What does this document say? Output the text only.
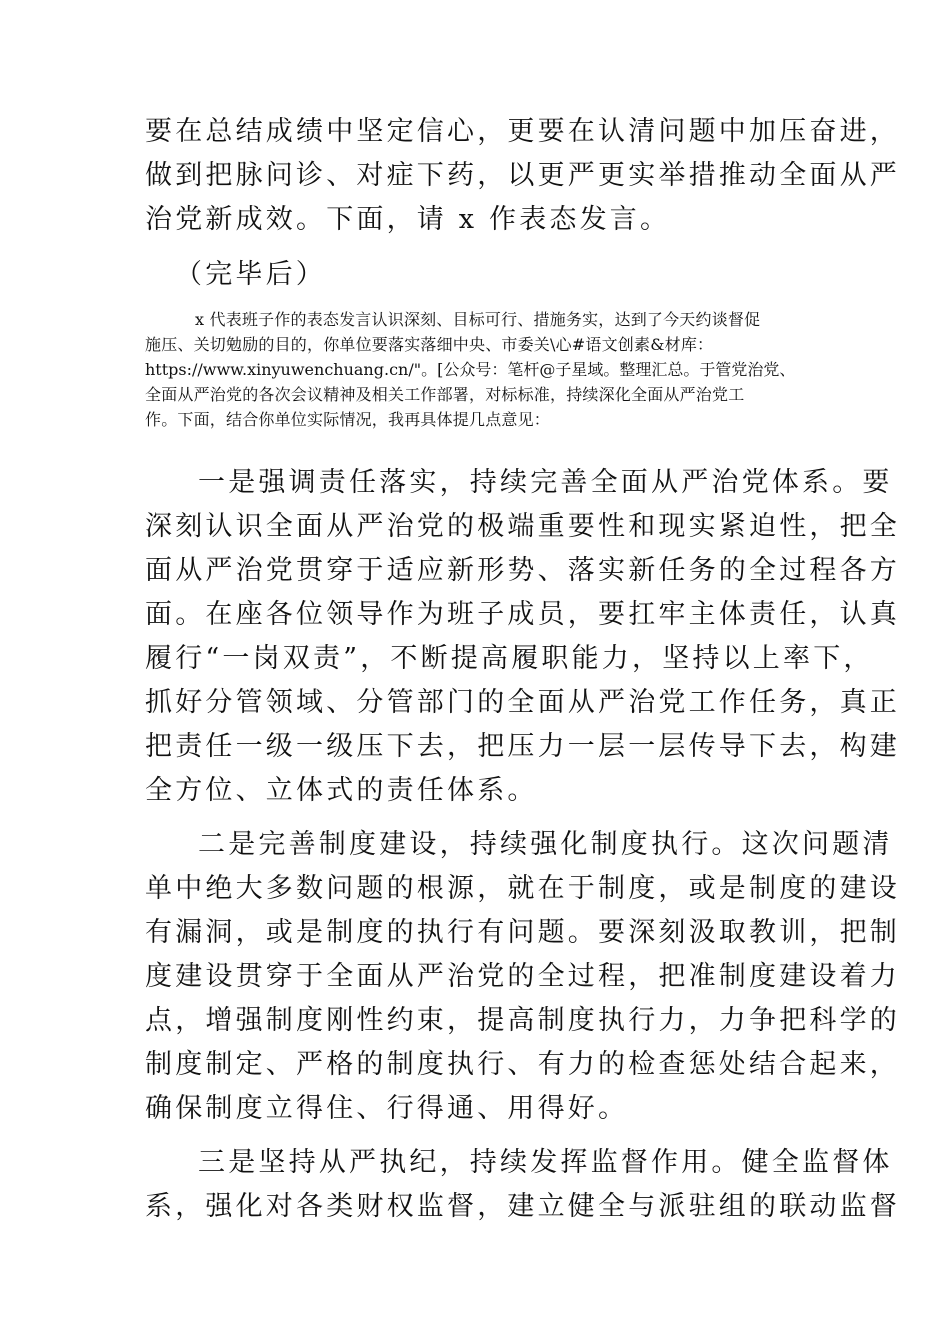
要在总结成绩中坚定信心，更要在认清问题中加压奋进，
做到把脉问诊、对症下药，以更严更实举措推动全面从严
治党新成效。下面，请 x 作表态发言。
（完毕后）
x 代表班子作的表态发言认识深刻、目标可行、措施务实，达到了今天约谈督促
施压、关切勉励的目的，你单位要落实落细中央、市委关\心#语文创素&材库：
https://www.xinyuwenchuang.cn/"。[公众号：笔杆@子星域。整理汇总。于管党治党、
全面从严治党的各次会议精神及相关工作部署，对标标准，持续深化全面从严治党工
作。下面，结合你单位实际情况，我再具体提几点意见：
一是强调责任落实，持续完善全面从严治党体系。要
深刻认识全面从严治党的极端重要性和现实紧迫性，把全
面从严治党贯穿于适应新形势、落实新任务的全过程各方
面。在座各位领导作为班子成员，要扛牢主体责任，认真
履行“一岗双责”，不断提高履职能力，坚持以上率下，
抓好分管领域、分管部门的全面从严治党工作任务，真正
把责任一级一级压下去，把压力一层一层传导下去，构建
全方位、立体式的责任体系。
二是完善制度建设，持续强化制度执行。这次问题清
单中绝大多数问题的根源，就在于制度，或是制度的建设
有漏洞，或是制度的执行有问题。要深刻汲取教训，把制
度建设贯穿于全面从严治党的全过程，把准制度建设着力
点，增强制度刚性约束，提高制度执行力，力争把科学的
制度制定、严格的制度执行、有力的检查惩处结合起来，
确保制度立得住、行得通、用得好。
三是坚持从严执纪，持续发挥监督作用。健全监督体
系，强化对各类财权监督，建立健全与派驻组的联动监督
